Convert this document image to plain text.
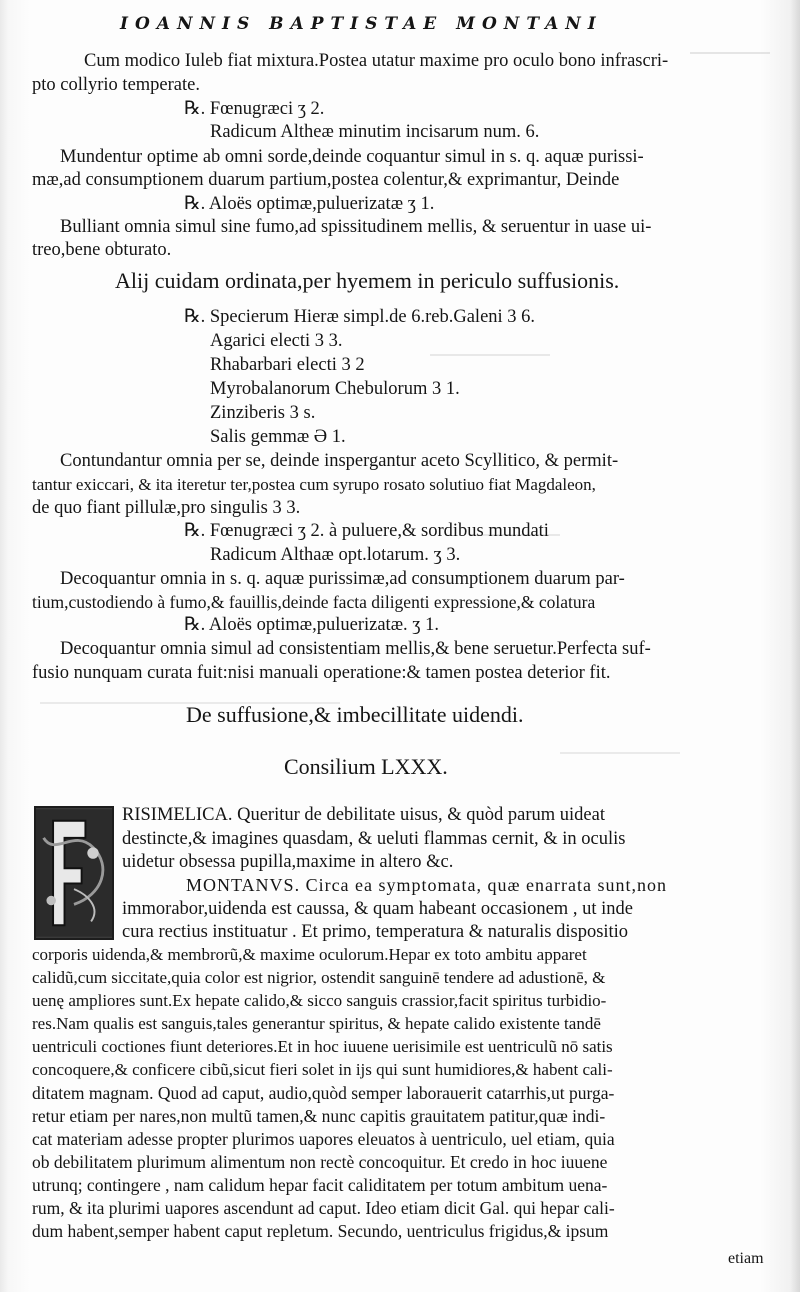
IOANNIS BAPTISTAE MONTANI
Cum modico Iuleb fiat mixtura.Postea utatur maxime pro oculo bono infrascri-
pto collyrio temperate.
℞. Fœnugræci ʒ 2.
Radicum Altheæ minutim incisarum num. 6.
Mundentur optime ab omni sorde,deinde coquantur simul in s. q. aquæ purissi-
mæ,ad consumptionem duarum partium,postea colentur,& exprimantur, Deinde
℞. Aloës optimæ,puluerizatæ ʒ 1.
Bulliant omnia simul sine fumo,ad spissitudinem mellis, & seruentur in uase ui-
treo,bene obturato.
Alij cuidam ordinata,per hyemem in periculo suffusionis.
℞. Specierum Hieræ simpl.de 6.reb.Galeni 3 6.
Agarici electi 3 3.
Rhabarbari electi 3 2
Myrobalanorum Chebulorum 3 1.
Zinziberis 3 s.
Salis gemmæ Ə 1.
Contundantur omnia per se, deinde inspergantur aceto Scyllitico, & permit-
tantur exiccari, & ita iteretur ter,postea cum syrupo rosato solutiuo fiat Magdaleon,
de quo fiant pillulæ,pro singulis 3 3.
℞. Fœnugræci ʒ 2. à puluere,& sordibus mundati
Radicum Althaæ opt.lotarum. ʒ 3.
Decoquantur omnia in s. q. aquæ purissimæ,ad consumptionem duarum par-
tium,custodiendo à fumo,& fauillis,deinde facta diligenti expressione,& colatura
℞. Aloës optimæ,puluerizatæ. ʒ 1.
Decoquantur omnia simul ad consistentiam mellis,& bene seruetur.Perfecta suf-
fusio nunquam curata fuit:nisi manuali operatione:& tamen postea deterior fit.
De suffusione,& imbecillitate uidendi.
Consilium LXXX.
RISIMELICA. Queritur de debilitate uisus, & quòd parum uideat
destincte,& imagines quasdam, & ueluti flammas cernit, & in oculis
uidetur obsessa pupilla,maxime in altero &c.
MONTANVS. Circa ea symptomata, quæ enarrata sunt,non
immorabor,uidenda est caussa, & quam habeant occasionem , ut inde
cura rectius instituatur . Et primo, temperatura & naturalis dispositio
corporis uidenda,& membrorũ,& maxime oculorum.Hepar ex toto ambitu apparet
calidũ,cum siccitate,quia color est nigrior, ostendit sanguinē tendere ad adustionē, &
uenę ampliores sunt.Ex hepate calido,& sicco sanguis crassior,facit spiritus turbidio-
res.Nam qualis est sanguis,tales generantur spiritus, & hepate calido existente tandē
uentriculi coctiones fiunt deteriores.Et in hoc iuuene uerisimile est uentriculũ nō satis
concoquere,& conficere cibũ,sicut fieri solet in ijs qui sunt humidiores,& habent cali-
ditatem magnam. Quod ad caput, audio,quòd semper laborauerit catarrhis,ut purga-
retur etiam per nares,non multũ tamen,& nunc capitis grauitatem patitur,quæ indi-
cat materiam adesse propter plurimos uapores eleuatos à uentriculo, uel etiam, quia
ob debilitatem plurimum alimentum non rectè concoquitur. Et credo in hoc iuuene
utrunq; contingere , nam calidum hepar facit caliditatem per totum ambitum uena-
rum, & ita plurimi uapores ascendunt ad caput. Ideo etiam dicit Gal. qui hepar cali-
dum habent,semper habent caput repletum. Secundo, uentriculus frigidus,& ipsum
etiam
